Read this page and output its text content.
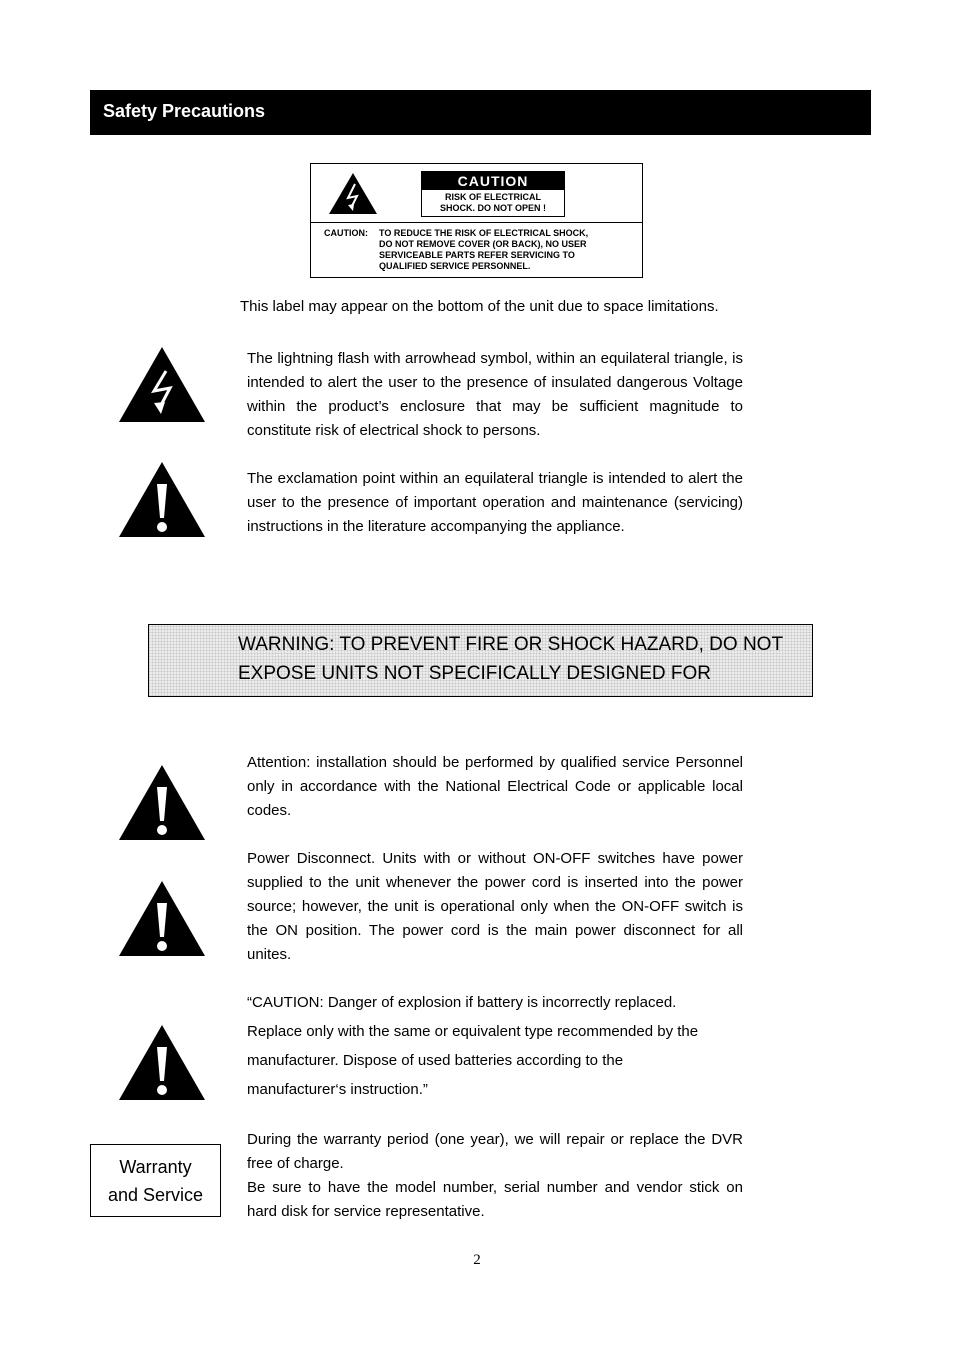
Safety Precautions
CAUTION
RISK OF ELECTRICAL
SHOCK. DO NOT OPEN !
CAUTION: TO REDUCE THE RISK OF ELECTRICAL SHOCK,
DO NOT REMOVE COVER (OR BACK), NO USER
SERVICEABLE PARTS REFER SERVICING TO
QUALIFIED SERVICE PERSONNEL.
This label may appear on the bottom of the unit due to space limitations.

The lightning flash with arrowhead symbol, within an equilateral triangle, is intended to alert the user to the presence of insulated dangerous Voltage within the product’s enclosure that may be sufficient magnitude to constitute risk of electrical shock to persons.

The exclamation point within an equilateral triangle is intended to alert the user to the presence of important operation and maintenance (servicing) instructions in the literature accompanying the appliance.

WARNING: TO PREVENT FIRE OR SHOCK HAZARD, DO NOT
EXPOSE UNITS NOT SPECIFICALLY DESIGNED FOR

Attention: installation should be performed by qualified service Personnel only in accordance with the National Electrical Code or applicable local codes.

Power Disconnect. Units with or without ON-OFF switches have power supplied to the unit whenever the power cord is inserted into the power source; however, the unit is operational only when the ON-OFF switch is the ON position. The power cord is the main power disconnect for all unites.

“CAUTION: Danger of explosion if battery is incorrectly replaced.
Replace only with the same or equivalent type recommended by the
manufacturer. Dispose of used batteries according to the
manufacturer‘s instruction.”
Warranty
and Service
During the warranty period (one year), we will repair or replace the DVR free of charge.
Be sure to have the model number, serial number and vendor stick on hard disk for service representative.
2
